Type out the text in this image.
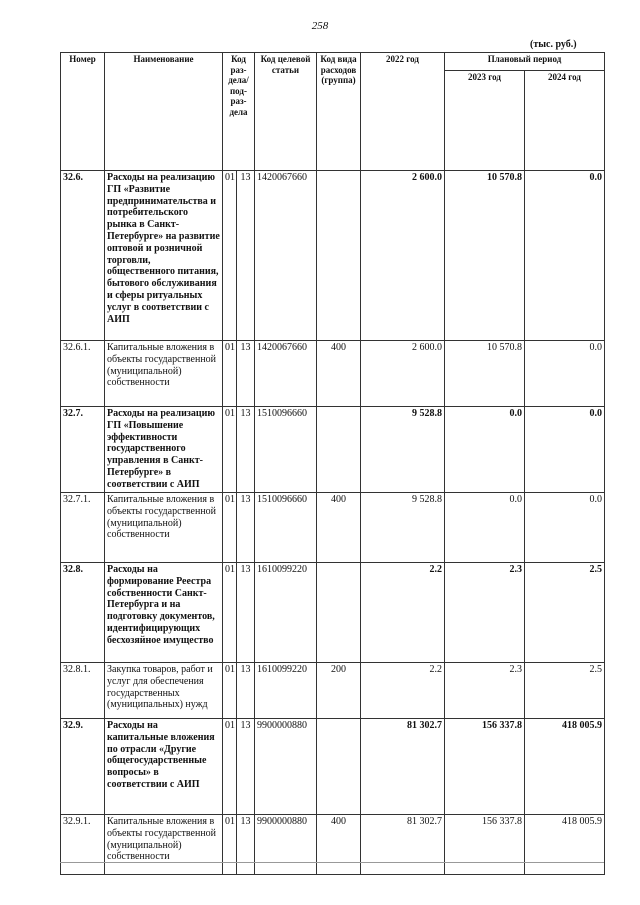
258
(тыс. руб.)
Номер	Наименование	Код раз-дела/под-раз-дела		Код целевой статьи	Код вида расходов (группа)	2022 год	Плановый период	
							2023 год	2024 год
32.6.	Расходы на реализацию ГП «Развитие предпринимательства и потребительского рынка в Санкт-Петербурге» на развитие оптовой и розничной торговли, общественного питания, бытового обслуживания и сферы ритуальных услуг в соответствии с АИП	01	13	1420067660		2 600.0	10 570.8	0.0
32.6.1.	Капитальные вложения в объекты государственной (муниципальной) собственности	01	13	1420067660	400	2 600.0	10 570.8	0.0
32.7.	Расходы на реализацию ГП «Повышение эффективности государственного управления в Санкт-Петербурге» в соответствии с АИП	01	13	1510096660		9 528.8	0.0	0.0
32.7.1.	Капитальные вложения в объекты государственной (муниципальной) собственности	01	13	1510096660	400	9 528.8	0.0	0.0
32.8.	Расходы на формирование Реестра собственности Санкт-Петербурга и на подготовку документов, идентифицирующих бесхозяйное имущество	01	13	1610099220		2.2	2.3	2.5
32.8.1.	Закупка товаров, работ и услуг для обеспечения государственных (муниципальных) нужд	01	13	1610099220	200	2.2	2.3	2.5
32.9.	Расходы на капитальные вложения по отрасли «Другие общегосударственные вопросы» в соответствии с АИП	01	13	9900000880		81 302.7	156 337.8	418 005.9
32.9.1.	Капитальные вложения в объекты государственной (муниципальной) собственности	01	13	9900000880	400	81 302.7	156 337.8	418 005.9
